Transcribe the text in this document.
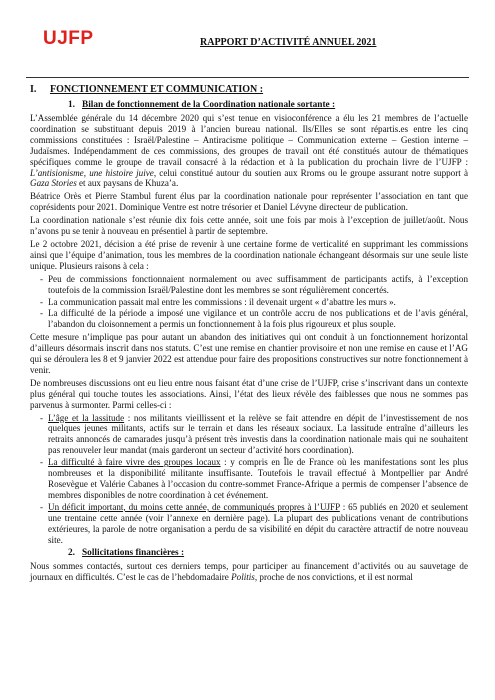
UJFP	RAPPORT D’ACTIVITÉ ANNUEL 2021
I. FONCTIONNEMENT ET COMMUNICATION :
1. Bilan de fonctionnement de la Coordination nationale sortante :

L’Assemblée générale du 14 décembre 2020 qui s’est tenue en visioconférence a élu les 21 membres de l’actuelle coordination se substituant depuis 2019 à l’ancien bureau national. Ils/Elles se sont répartis.es entre les cinq commissions constituées : Israël/Palestine – Antiracisme politique – Communication externe – Gestion interne – Judaïsmes. Indépendamment de ces commissions, des groupes de travail ont été constitués autour de thématiques spécifiques comme le groupe de travail consacré à la rédaction et à la publication du prochain livre de l’UJFP : L’antisionisme, une histoire juive, celui constitué autour du soutien aux Rroms ou le groupe assurant notre support à Gaza Stories et aux paysans de Khuza’a.

Béatrice Orès et Pierre Stambul furent élus par la coordination nationale pour représenter l’association en tant que coprésidents pour 2021. Dominique Ventre est notre trésorier et Daniel Lévyne directeur de publication.

La coordination nationale s’est réunie dix fois cette année, soit une fois par mois à l’exception de juillet/août. Nous n’avons pu se tenir à nouveau en présentiel à partir de septembre.

Le 2 octobre 2021, décision a été prise de revenir à une certaine forme de verticalité en supprimant les commissions ainsi que l’équipe d’animation, tous les membres de la coordination nationale échangeant désormais sur une seule liste unique. Plusieurs raisons à cela :

- Peu de commissions fonctionnaient normalement ou avec suffisamment de participants actifs, à l’exception toutefois de la commission Israël/Palestine dont les membres se sont régulièrement concertés.
- La communication passait mal entre les commissions : il devenait urgent « d’abattre les murs ».
- La difficulté de la période a imposé une vigilance et un contrôle accru de nos publications et de l’avis général, l’abandon du cloisonnement a permis un fonctionnement à la fois plus rigoureux et plus souple.

Cette mesure n’implique pas pour autant un abandon des initiatives qui ont conduit à un fonctionnement horizontal d’ailleurs désormais inscrit dans nos statuts. C’est une remise en chantier provisoire et non une remise en cause et l’AG qui se déroulera les 8 et 9 janvier 2022 est attendue pour faire des propositions constructives sur notre fonctionnement à venir.

De nombreuses discussions ont eu lieu entre nous faisant état d’une crise de l’UJFP, crise s’inscrivant dans un contexte plus général qui touche toutes les associations. Ainsi, l’état des lieux révèle des faiblesses que nous ne sommes pas parvenus à surmonter. Parmi celles-ci :

- L’âge et la lassitude : nos militants vieillissent et la relève se fait attendre en dépit de l’investissement de nos quelques jeunes militants, actifs sur le terrain et dans les réseaux sociaux. La lassitude entraîne d’ailleurs les retraits annoncés de camarades jusqu’à présent très investis dans la coordination nationale mais qui ne souhaitent pas renouveler leur mandat (mais garderont un secteur d’activité hors coordination).
- La difficulté à faire vivre des groupes locaux : y compris en Île de France où les manifestations sont les plus nombreuses et la disponibilité militante insuffisante. Toutefois le travail effectué à Montpellier par André Rosevègue et Valérie Cabanes à l’occasion du contre-sommet France-Afrique a permis de compenser l’absence de membres disponibles de notre coordination à cet événement.
- Un déficit important, du moins cette année, de communiqués propres à l’UJFP : 65 publiés en 2020 et seulement une trentaine cette année (voir l’annexe en dernière page). La plupart des publications venant de contributions extérieures, la parole de notre organisation a perdu de sa visibilité en dépit du caractère attractif de notre nouveau site.
2. Sollicitations financières :

Nous sommes contactés, surtout ces derniers temps, pour participer au financement d’activités ou au sauvetage de journaux en difficultés. C’est le cas de l’hebdomadaire Politis, proche de nos convictions, et il est normal
